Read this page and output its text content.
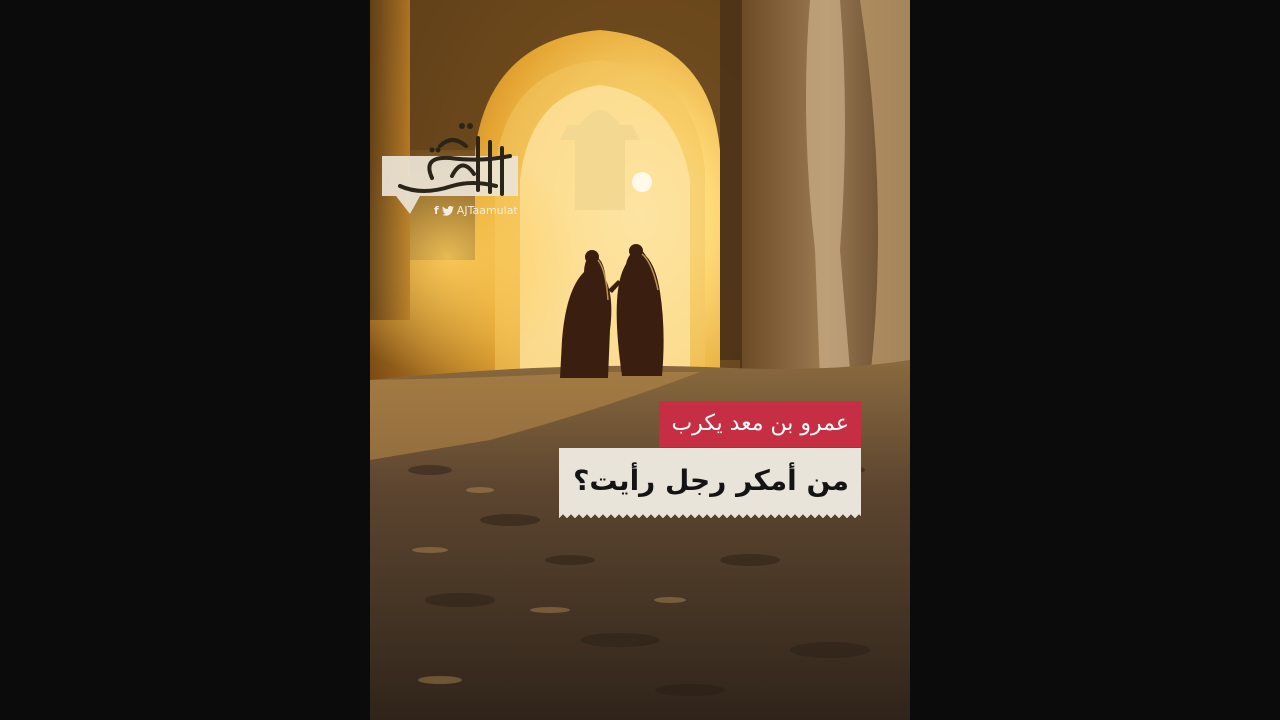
f AJTaamulat
عمرو بن معد يكرب
من أمكر رجل رأيت؟
